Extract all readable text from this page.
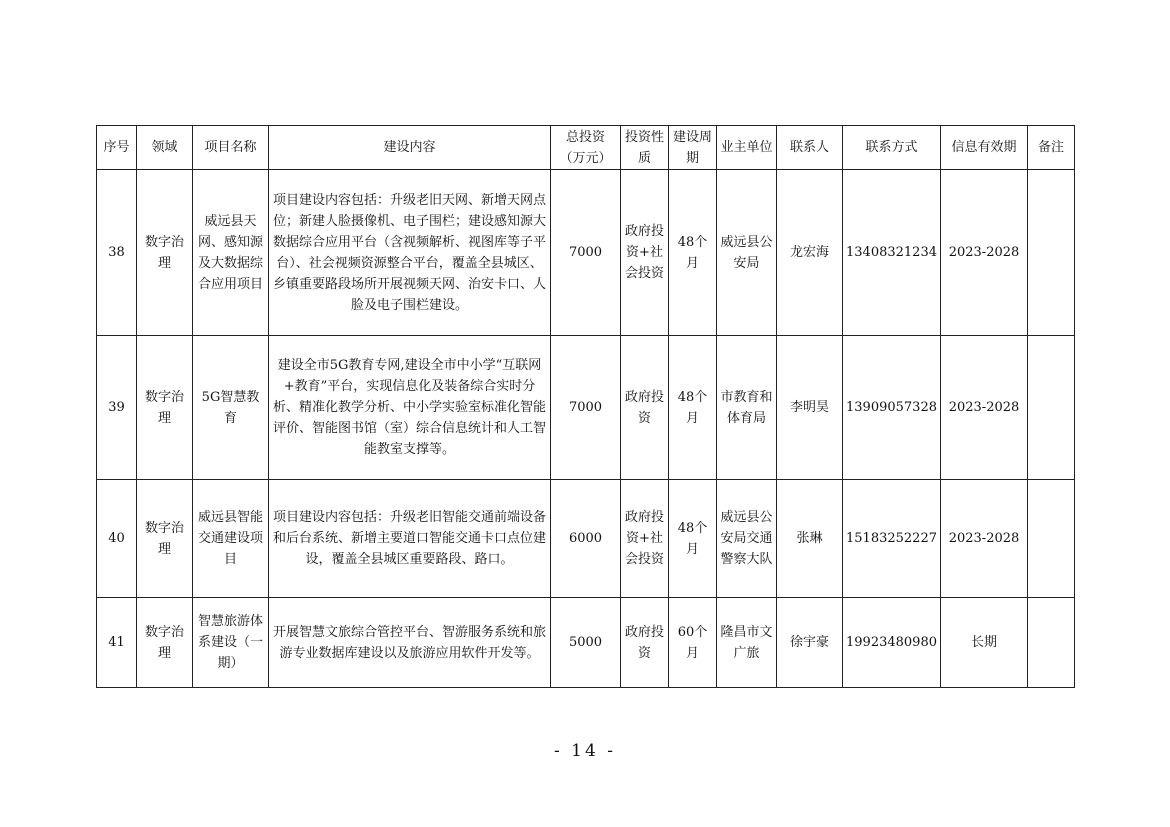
序号	领域	项目名称	建设内容	总投资（万元）	投资性质	建设周期	业主单位	联系人	联系方式	信息有效期	备注
38	数字治理	威远县天网、感知源及大数据综合应用项目	项目建设内容包括：升级老旧天网、新增天网点位；新建人脸摄像机、电子围栏；建设感知源大数据综合应用平台（含视频解析、视图库等子平台）、社会视频资源整合平台，覆盖全县城区、乡镇重要路段场所开展视频天网、治安卡口、人脸及电子围栏建设。	7000	政府投资+社会投资	48个月	威远县公安局	龙宏海	13408321234	2023-2028	
39	数字治理	5G智慧教育	建设全市5G教育专网,建设全市中小学“互联网+教育”平台，实现信息化及装备综合实时分析、精准化教学分析、中小学实验室标准化智能评价、智能图书馆（室）综合信息统计和人工智能教室支撑等。	7000	政府投资	48个月	市教育和体育局	李明昊	13909057328	2023-2028	
40	数字治理	威远县智能交通建设项目	项目建设内容包括：升级老旧智能交通前端设备和后台系统、新增主要道口智能交通卡口点位建设，覆盖全县城区重要路段、路口。	6000	政府投资+社会投资	48个月	威远县公安局交通警察大队	张琳	15183252227	2023-2028	
41	数字治理	智慧旅游体系建设（一期）	开展智慧文旅综合管控平台、智游服务系统和旅游专业数据库建设以及旅游应用软件开发等。	5000	政府投资	60个月	隆昌市文广旅	徐宇豪	19923480980	长期	
- 14 -
